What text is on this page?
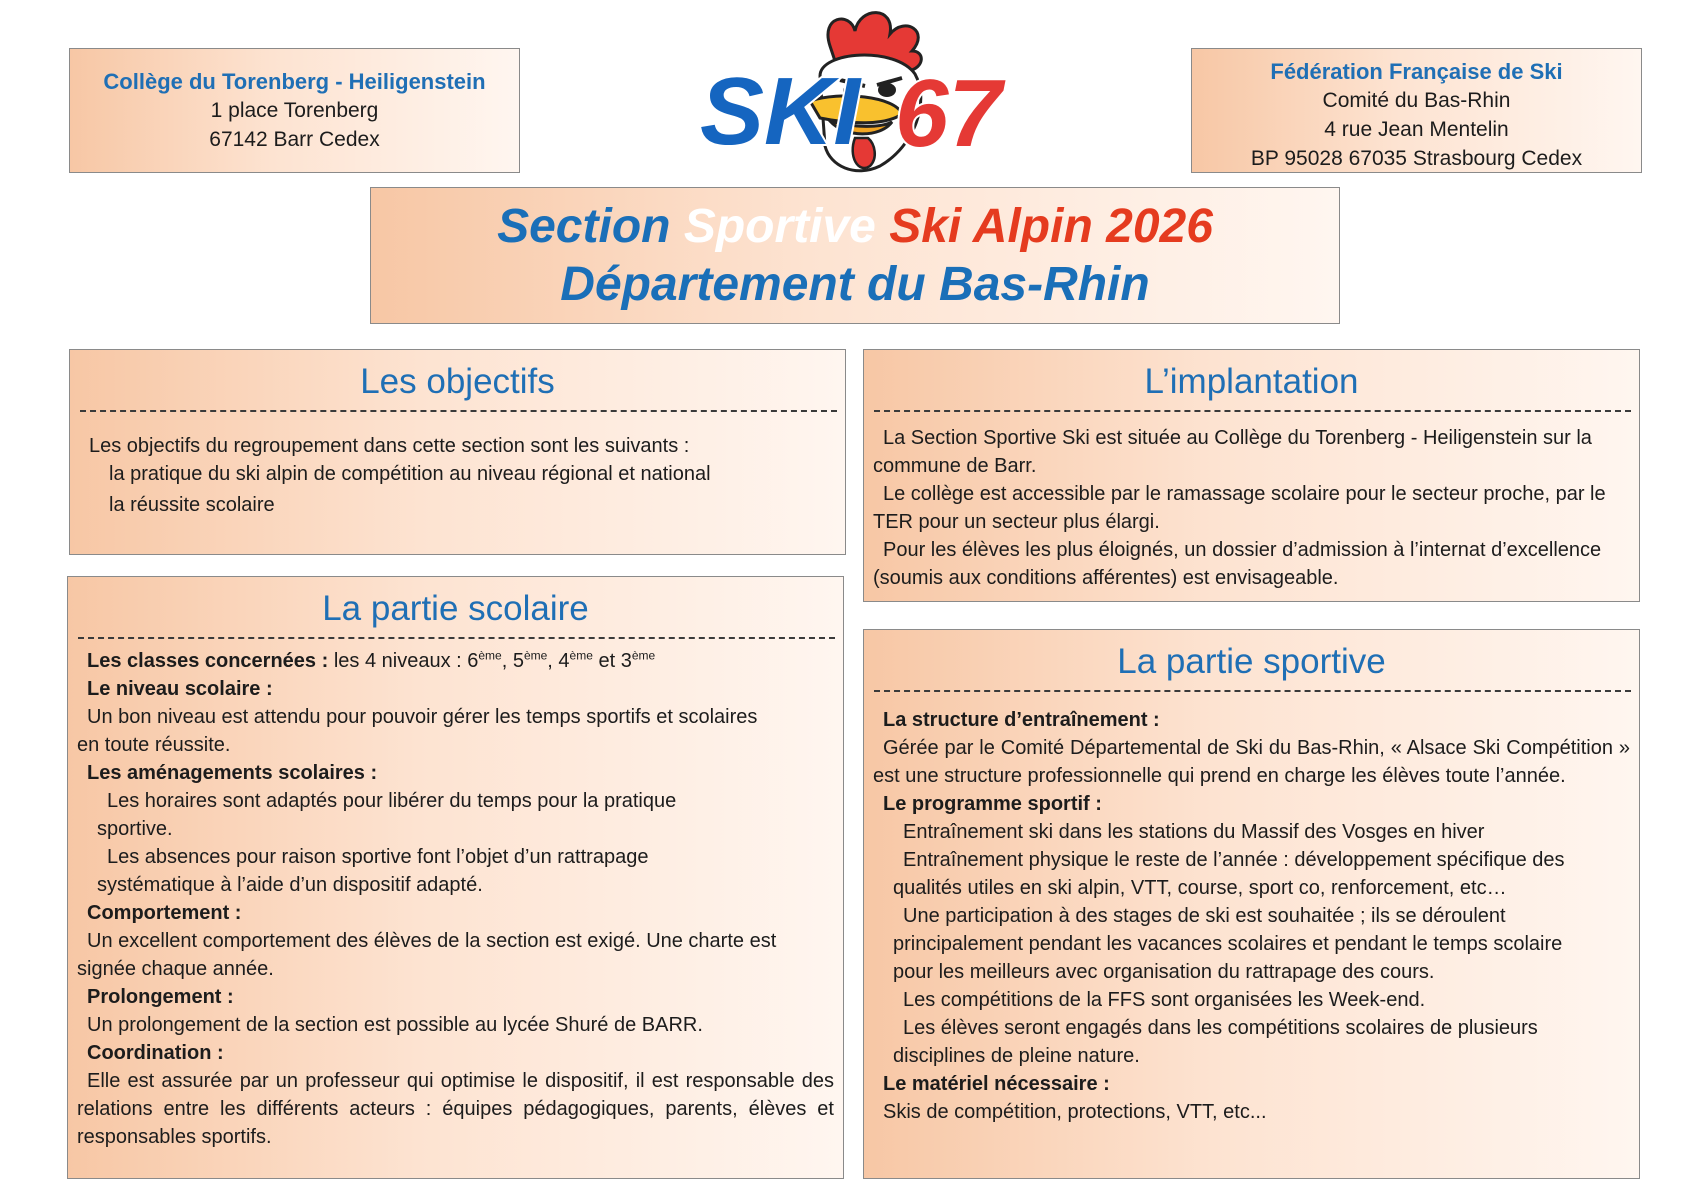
Collège du Torenberg - Heiligenstein
1 place Torenberg
67142 Barr Cedex	SKI 67	Fédération Française de Ski
Comité du Bas-Rhin
4 rue Jean Mentelin
BP 95028 67035 Strasbourg Cedex
Section Sportive Ski Alpin 2026
Département du Bas-Rhin
Les objectifs

Les objectifs du regroupement dans cette section sont les suivants :

la pratique du ski alpin de compétition au niveau régional et national

la réussite scolaire

La partie scolaire

Les classes concernées : les 4 niveaux : 6ème, 5ème, 4ème et 3ème

Le niveau scolaire :

Un bon niveau est attendu pour pouvoir gérer les temps sportifs et scolaires en toute réussite.

Les aménagements scolaires :

Les horaires sont adaptés pour libérer du temps pour la pratique sportive.

Les absences pour raison sportive font l’objet d’un rattrapage systématique à l’aide d’un dispositif adapté.

Comportement :

Un excellent comportement des élèves de la section est exigé. Une charte est signée chaque année.

Prolongement :

Un prolongement de la section est possible au lycée Shuré de BARR.

Coordination :

Elle est assurée par un professeur qui optimise le dispositif, il est responsable des relations entre les différents acteurs : équipes pédagogiques, parents, élèves et responsables sportifs.

L’implantation

La Section Sportive Ski est située au Collège du Torenberg - Heiligenstein sur la commune de Barr.

Le collège est accessible par le ramassage scolaire pour le secteur proche, par le TER pour un secteur plus élargi.

Pour les élèves les plus éloignés, un dossier d’admission à l’internat d’excellence (soumis aux conditions afférentes) est envisageable.

La partie sportive

La structure d’entraînement :

Gérée par le Comité Départemental de Ski du Bas-Rhin, « Alsace Ski Compétition » est une structure professionnelle qui prend en charge les élèves toute l’année.

Le programme sportif :

Entraînement ski dans les stations du Massif des Vosges en hiver

Entraînement physique le reste de l’année : développement spécifique des qualités utiles en ski alpin, VTT, course, sport co, renforcement, etc…

Une participation à des stages de ski est souhaitée ; ils se déroulent principalement pendant les vacances scolaires et pendant le temps scolaire pour les meilleurs avec organisation du rattrapage des cours.

Les compétitions de la FFS sont organisées les Week-end.

Les élèves seront engagés dans les compétitions scolaires de plusieurs disciplines de pleine nature.

Le matériel nécessaire :

Skis de compétition, protections, VTT, etc...
